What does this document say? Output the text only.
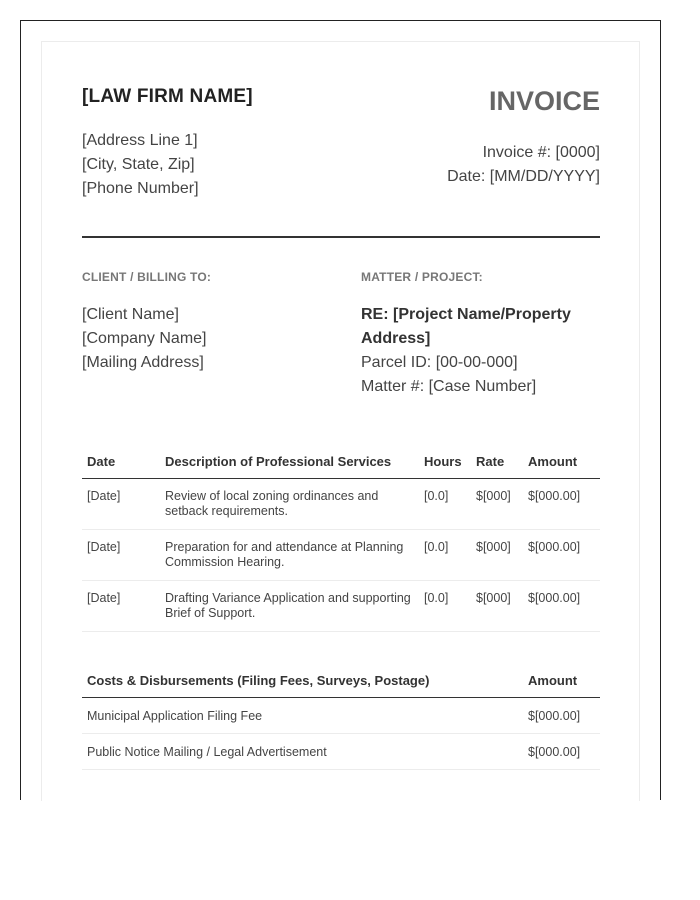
[LAW FIRM NAME]
[Address Line 1]
[City, State, Zip]
[Phone Number]
INVOICE
Invoice #: [0000]
Date: [MM/DD/YYYY]
CLIENT / BILLING TO:	MATTER / PROJECT:
[Client Name]
[Company Name]
[Mailing Address]
RE: [Project Name/Property Address]
Parcel ID: [00-00-000]
Matter #: [Case Number]
Date	Description of Professional Services	Hours	Rate	Amount
[Date]	Review of local zoning ordinances and setback requirements.	[0.0]	$[000]	$[000.00]
[Date]	Preparation for and attendance at Planning Commission Hearing.	[0.0]	$[000]	$[000.00]
[Date]	Drafting Variance Application and supporting Brief of Support.	[0.0]	$[000]	$[000.00]
Costs & Disbursements (Filing Fees, Surveys, Postage)	Amount
Municipal Application Filing Fee	$[000.00]
Public Notice Mailing / Legal Advertisement	$[000.00]
